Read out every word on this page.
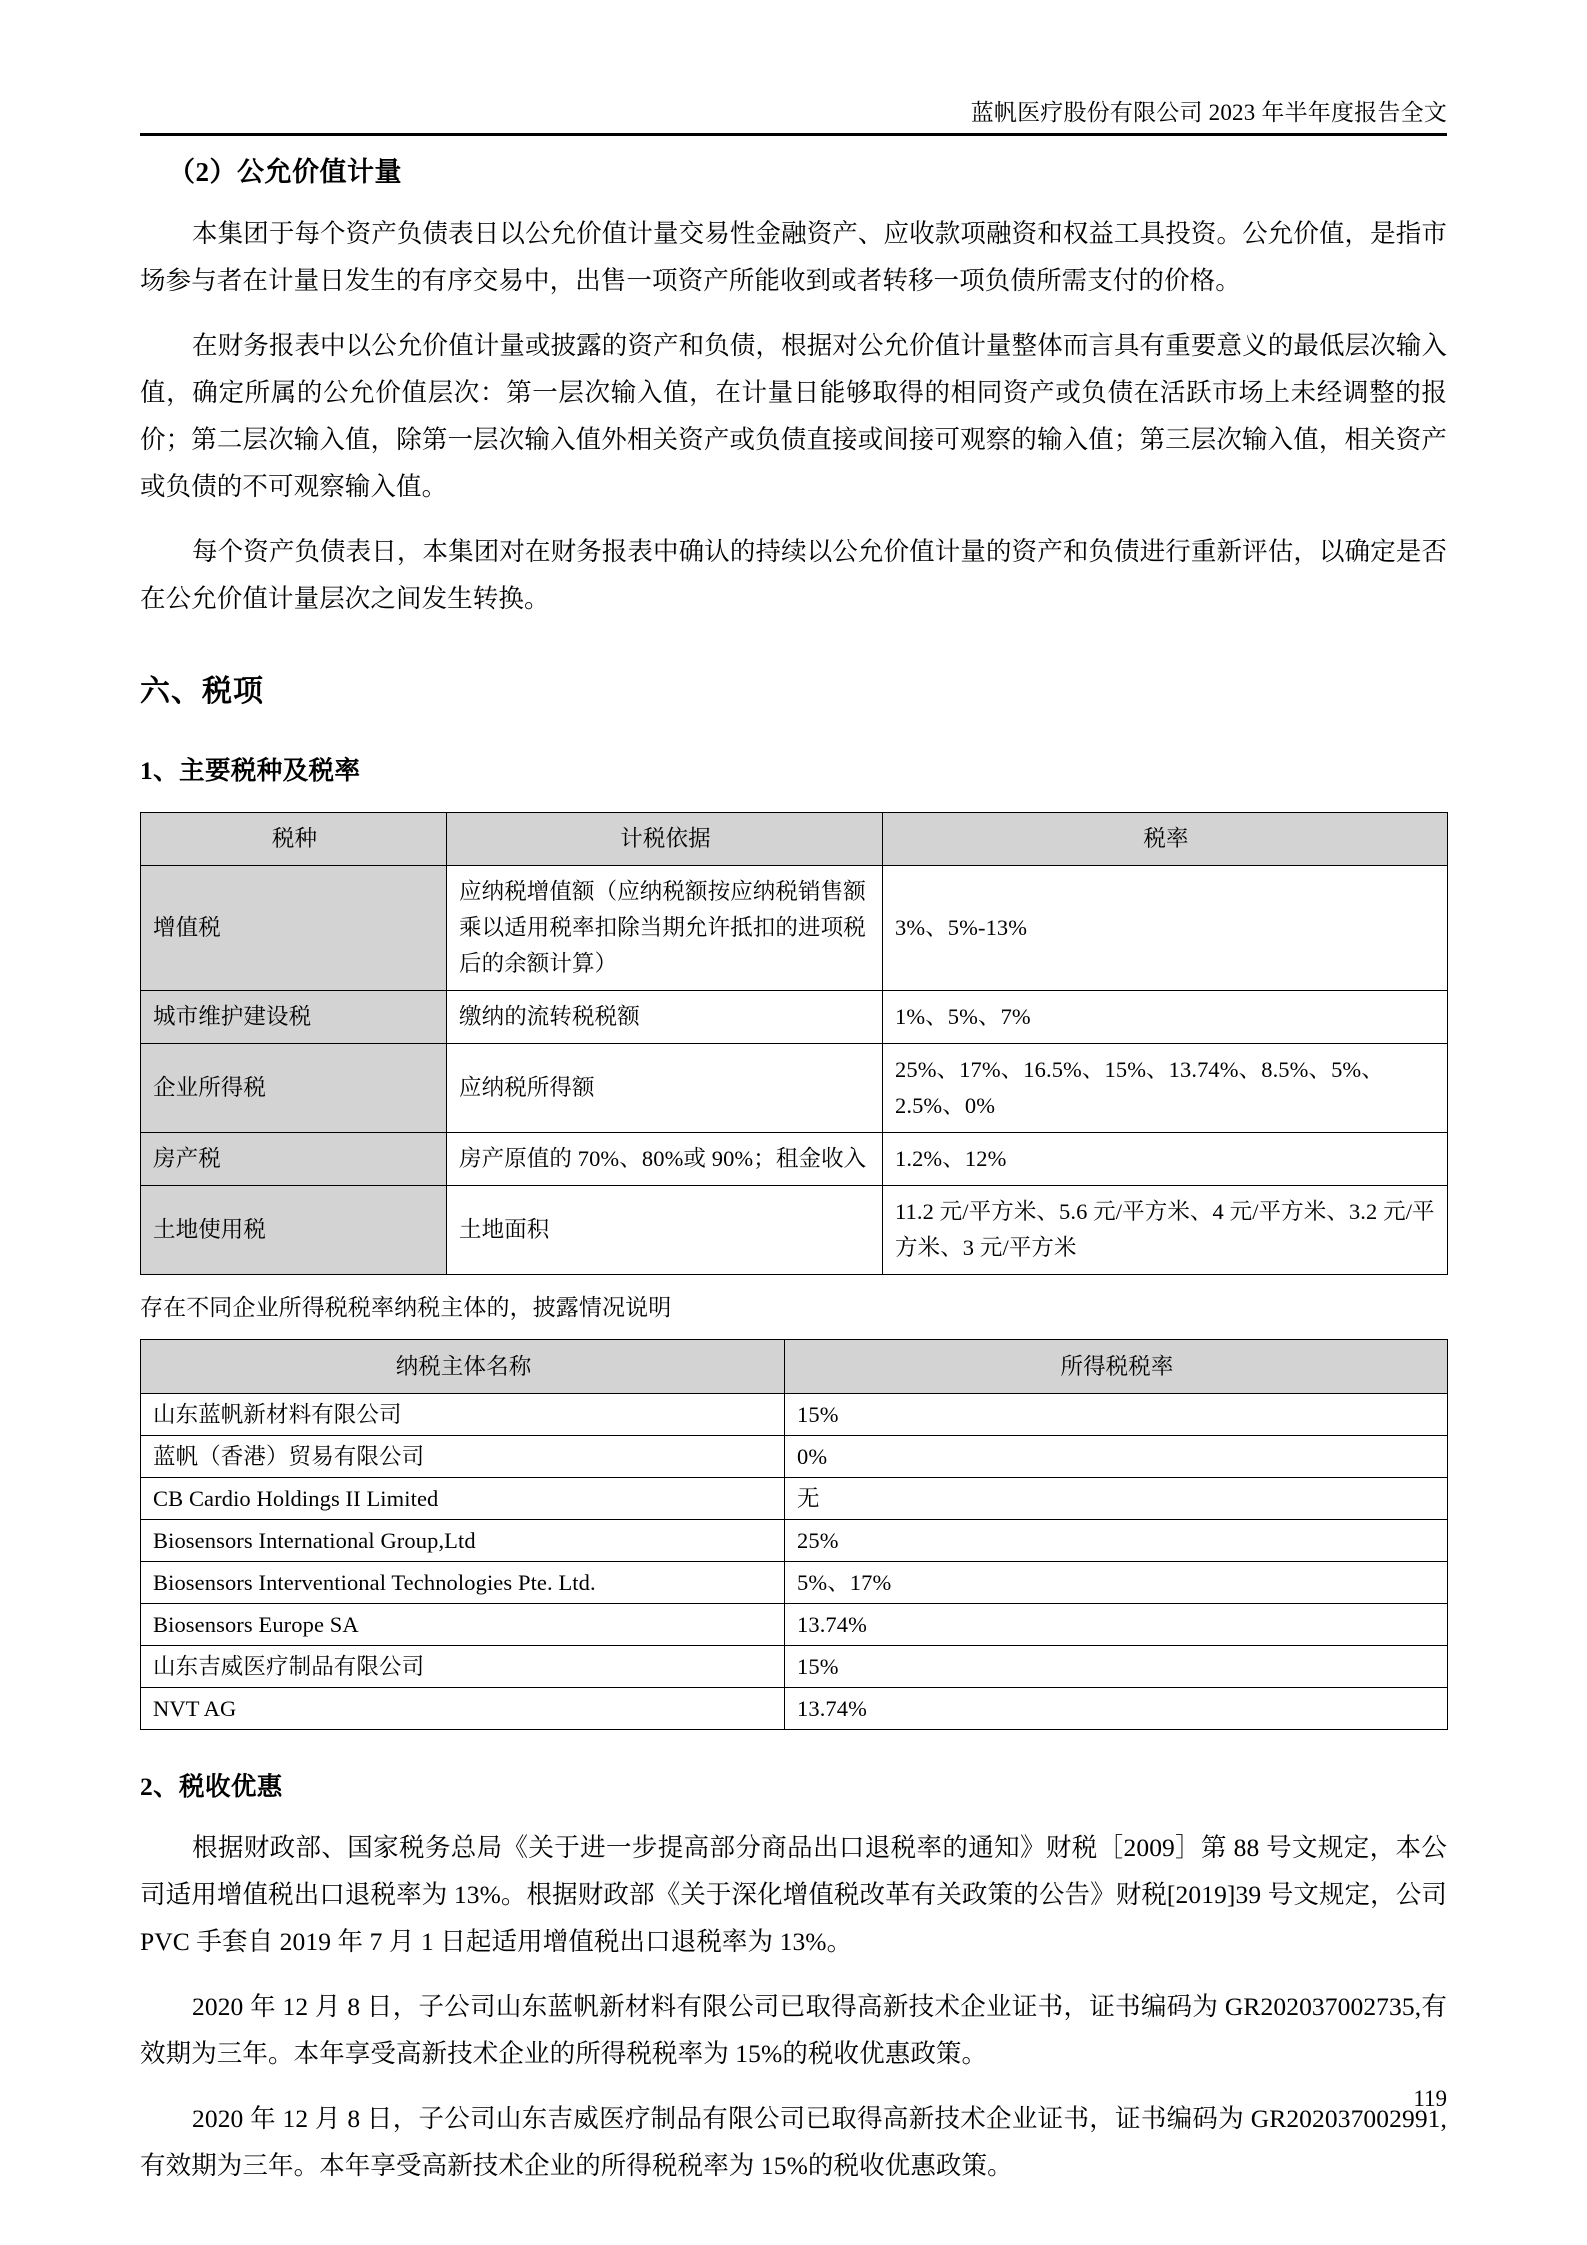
蓝帆医疗股份有限公司 2023 年半年度报告全文
（2）公允价值计量

本集团于每个资产负债表日以公允价值计量交易性金融资产、应收款项融资和权益工具投资。公允价值，是指市场参与者在计量日发生的有序交易中，出售一项资产所能收到或者转移一项负债所需支付的价格。

在财务报表中以公允价值计量或披露的资产和负债，根据对公允价值计量整体而言具有重要意义的最低层次输入值，确定所属的公允价值层次：第一层次输入值，在计量日能够取得的相同资产或负债在活跃市场上未经调整的报价；第二层次输入值，除第一层次输入值外相关资产或负债直接或间接可观察的输入值；第三层次输入值，相关资产或负债的不可观察输入值。

每个资产负债表日，本集团对在财务报表中确认的持续以公允价值计量的资产和负债进行重新评估，以确定是否在公允价值计量层次之间发生转换。

六、税项
1、主要税种及税率
税种	计税依据	税率
增值税	应纳税增值额（应纳税额按应纳税销售额乘以适用税率扣除当期允许抵扣的进项税后的余额计算）	3%、5%-13%
城市维护建设税	缴纳的流转税税额	1%、5%、7%
企业所得税	应纳税所得额	25%、17%、16.5%、15%、13.74%、8.5%、5%、2.5%、0%
房产税	房产原值的 70%、80%或 90%；租金收入	1.2%、12%
土地使用税	土地面积	11.2 元/平方米、5.6 元/平方米、4 元/平方米、3.2 元/平方米、3 元/平方米

存在不同企业所得税税率纳税主体的，披露情况说明

纳税主体名称	所得税税率
山东蓝帆新材料有限公司	15%
蓝帆（香港）贸易有限公司	0%
CB Cardio Holdings II Limited	无
Biosensors International Group,Ltd	25%
Biosensors Interventional Technologies Pte. Ltd.	5%、17%
Biosensors Europe SA	13.74%
山东吉威医疗制品有限公司	15%
NVT AG	13.74%
2、税收优惠

根据财政部、国家税务总局《关于进一步提高部分商品出口退税率的通知》财税［2009］第 88 号文规定，本公司适用增值税出口退税率为 13%。根据财政部《关于深化增值税改革有关政策的公告》财税[2019]39 号文规定，公司 PVC 手套自 2019 年 7 月 1 日起适用增值税出口退税率为 13%。

2020 年 12 月 8 日，子公司山东蓝帆新材料有限公司已取得高新技术企业证书，证书编码为 GR202037002735,有效期为三年。本年享受高新技术企业的所得税税率为 15%的税收优惠政策。

2020 年 12 月 8 日，子公司山东吉威医疗制品有限公司已取得高新技术企业证书，证书编码为 GR202037002991,有效期为三年。本年享受高新技术企业的所得税税率为 15%的税收优惠政策。

119
